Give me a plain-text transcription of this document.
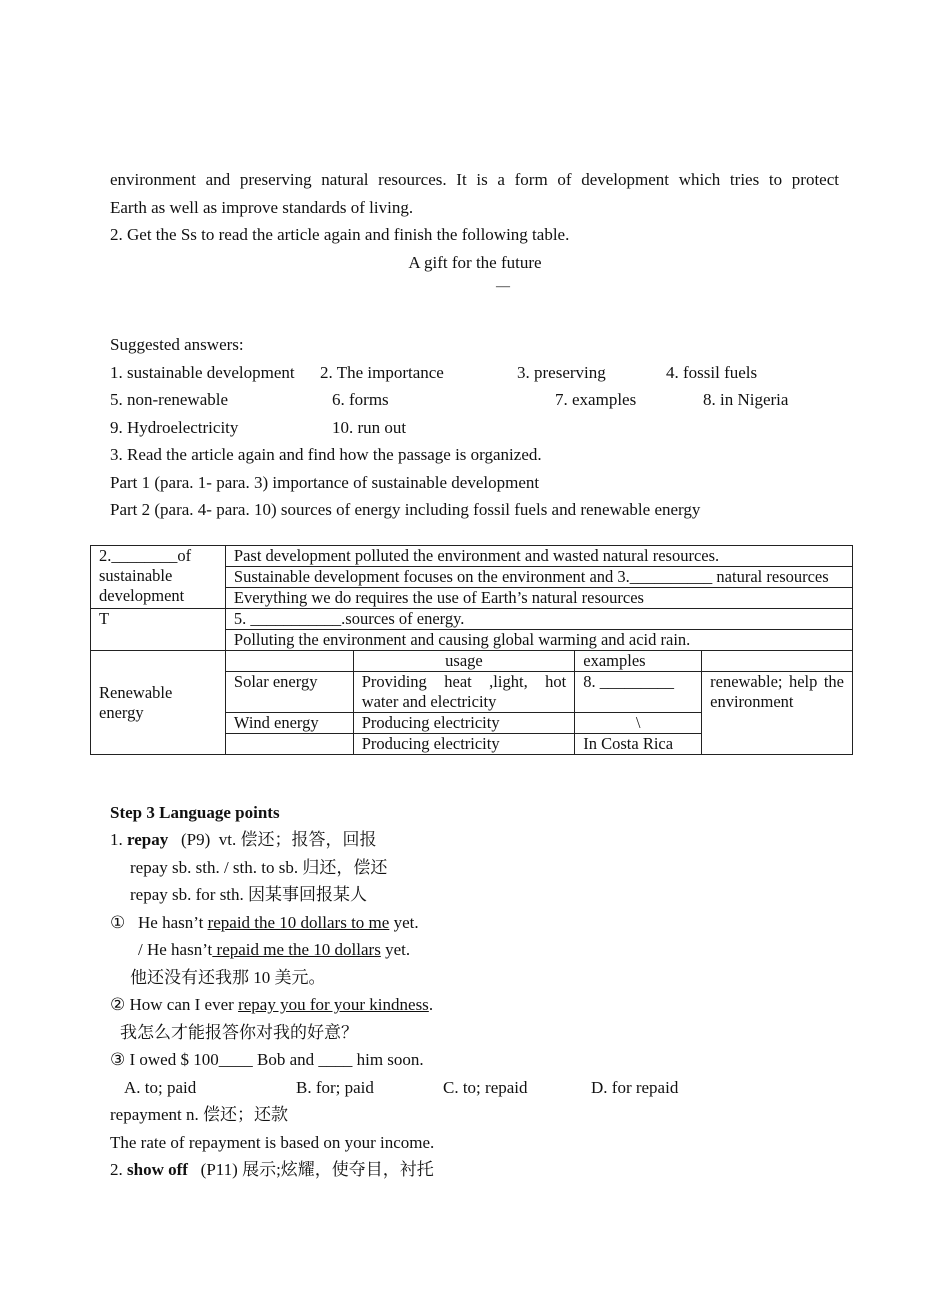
environment and preserving natural resources. It is a form of development which tries to protect
Earth as well as improve standards of living.
2. Get the Ss to read the article again and finish the following table.
A gift for the future
—
Suggested answers:
1. sustainable development 2. The importance	3. preserving	4. fossil fuels
5. non-renewable	6. forms	7. examples	8. in Nigeria
9. Hydroelectricity	10. run out
3. Read the article again and find how the passage is organized.
Part 1 (para. 1- para. 3) importance of sustainable development
Part 2 (para. 4- para. 10) sources of energy including fossil fuels and renewable energy
2.________of sustainable development	Past development polluted the environment and wasted natural resources.			
	Sustainable development focuses on the environment and 3.__________ natural resources			
	Everything we do requires the use of Earth’s natural resources			
T	5. ___________.sources of energy.			
	Polluting the environment and causing global warming and acid rain.			
Renewable energy		usage	examples	
	Solar energy	Providing heat ,light, hot water and electricity	8. _________	renewable; help the environment
	Wind energy	Producing electricity	\	
		Producing electricity	In Costa Rica	
Step 3 Language points
1. repay   (P9)  vt. 偿还；报答，回报
repay sb. sth. / sth. to sb. 归还，偿还
repay sb. for sth. 因某事回报某人
①   He hasn’t repaid the 10 dollars to me yet.
/ He hasn’t repaid me the 10 dollars yet.
他还没有还我那 10 美元。
② How can I ever repay you for your kindness.
我怎么才能报答你对我的好意？
③ I owed $ 100____ Bob and ____ him soon.
A. to; paid	B. for; paid	C. to; repaid	D. for repaid
repayment n. 偿还；还款
The rate of repayment is based on your income.
2. show off   (P11) 展示;炫耀，使夺目，衬托
